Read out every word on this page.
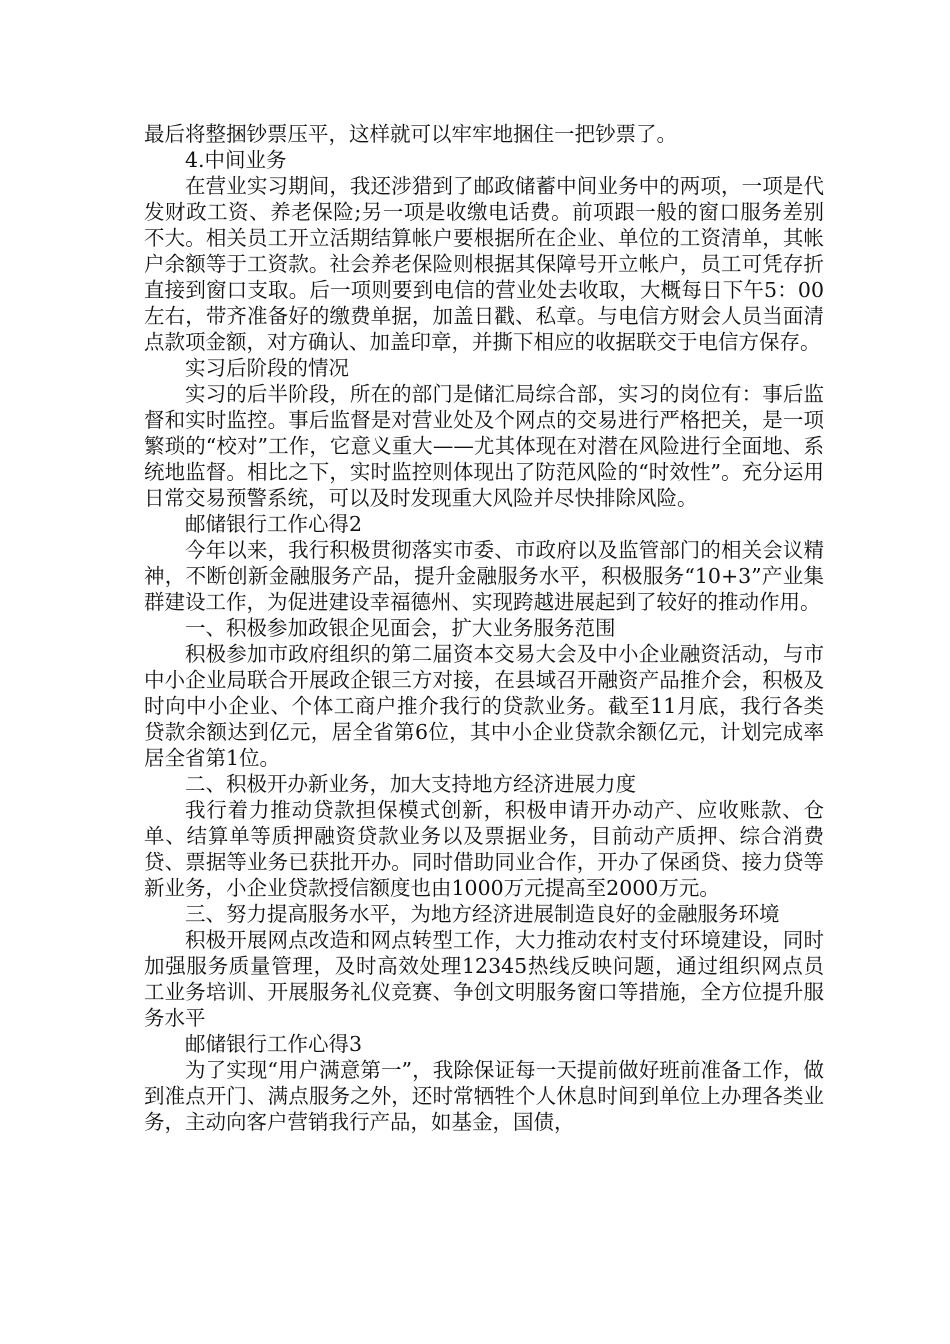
最后将整捆钞票压平，这样就可以牢牢地捆住一把钞票了。

4.中间业务

在营业实习期间，我还涉猎到了邮政储蓄中间业务中的两项，一项是代发财政工资、养老保险;另一项是收缴电话费。前项跟一般的窗口服务差别不大。相关员工开立活期结算帐户要根据所在企业、单位的工资清单，其帐户余额等于工资款。社会养老保险则根据其保障号开立帐户，员工可凭存折直接到窗口支取。后一项则要到电信的营业处去收取，大概每日下午5：00左右，带齐准备好的缴费单据，加盖日戳、私章。与电信方财会人员当面清点款项金额，对方确认、加盖印章，并撕下相应的收据联交于电信方保存。

实习后阶段的情况

实习的后半阶段，所在的部门是储汇局综合部，实习的岗位有：事后监督和实时监控。事后监督是对营业处及个网点的交易进行严格把关，是一项繁琐的“校对”工作，它意义重大——尤其体现在对潜在风险进行全面地、系统地监督。相比之下，实时监控则体现出了防范风险的“时效性”。充分运用日常交易预警系统，可以及时发现重大风险并尽快排除风险。

邮储银行工作心得2

今年以来，我行积极贯彻落实市委、市政府以及监管部门的相关会议精神，不断创新金融服务产品，提升金融服务水平，积极服务“10+3”产业集群建设工作，为促进建设幸福德州、实现跨越进展起到了较好的推动作用。

一、积极参加政银企见面会，扩大业务服务范围

积极参加市政府组织的第二届资本交易大会及中小企业融资活动，与市中小企业局联合开展政企银三方对接，在县域召开融资产品推介会，积极及时向中小企业、个体工商户推介我行的贷款业务。截至11月底，我行各类贷款余额达到亿元，居全省第6位，其中小企业贷款余额亿元，计划完成率居全省第1位。

二、积极开办新业务，加大支持地方经济进展力度

我行着力推动贷款担保模式创新，积极申请开办动产、应收账款、仓单、结算单等质押融资贷款业务以及票据业务，目前动产质押、综合消费贷、票据等业务已获批开办。同时借助同业合作，开办了保函贷、接力贷等新业务，小企业贷款授信额度也由1000万元提高至2000万元。

三、努力提高服务水平，为地方经济进展制造良好的金融服务环境

积极开展网点改造和网点转型工作，大力推动农村支付环境建设，同时加强服务质量管理，及时高效处理12345热线反映问题，通过组织网点员工业务培训、开展服务礼仪竞赛、争创文明服务窗口等措施，全方位提升服务水平

邮储银行工作心得3

为了实现“用户满意第一”，我除保证每一天提前做好班前准备工作，做到准点开门、满点服务之外，还时常牺牲个人休息时间到单位上办理各类业务，主动向客户营销我行产品，如基金，国债，
